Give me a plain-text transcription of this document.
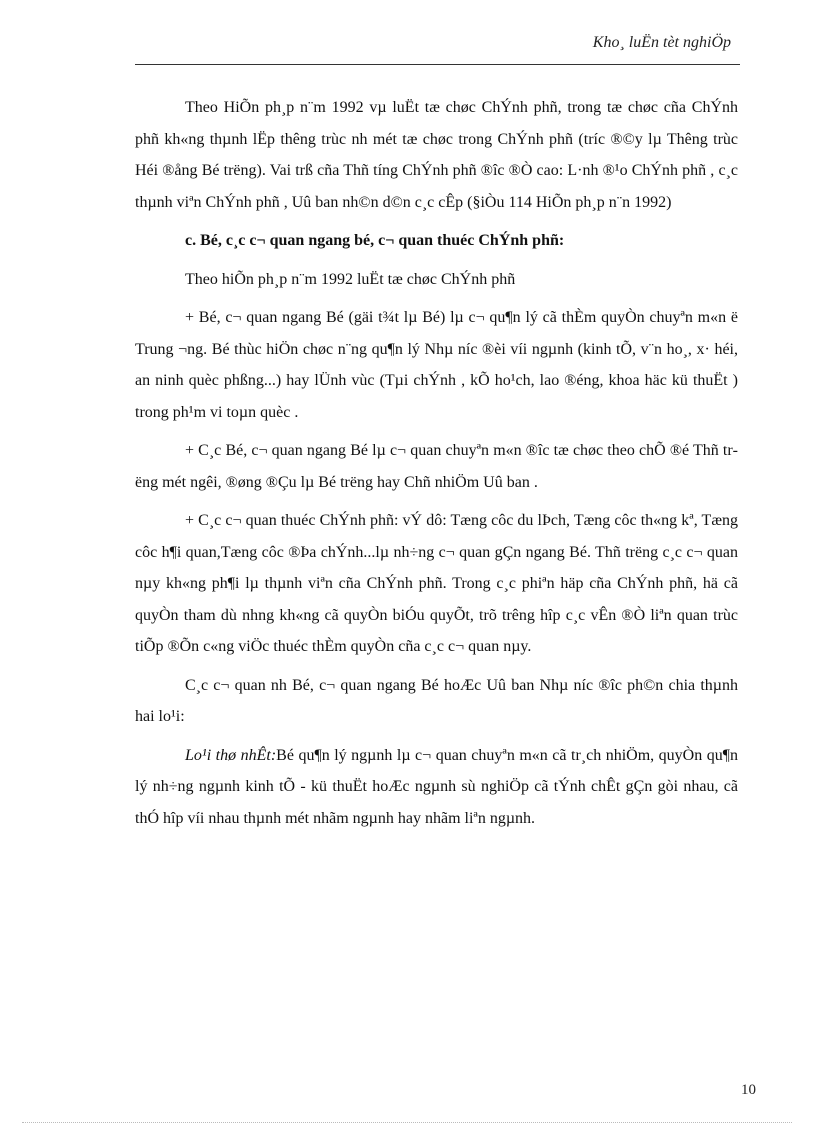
Kho¸ luËn tèt nghiÖp

Theo HiÕn ph¸p n¨m 1992 vµ luËt tæ chøc ChÝnh phñ, trong tæ chøc cña ChÝnh phñ kh«ng thµnh lËp thêng trùc nh mét tæ chøc trong ChÝnh phñ (tríc ®©y lµ Thêng trùc Héi ®ång Bé trëng). Vai trß cña Thñ tíng ChÝnh phñ ®îc ®Ò cao: L·nh ®¹o ChÝnh phñ , c¸c thµnh viªn ChÝnh phñ , Uû ban nh©n d©n c¸c cÊp (§iÒu 114 HiÕn ph¸p n¨n 1992)

c. Bé, c¸c c¬ quan ngang bé, c¬ quan thuéc ChÝnh phñ:

Theo hiÕn ph¸p n¨m 1992 luËt tæ chøc ChÝnh phñ

+ Bé, c¬ quan ngang Bé (gäi t¾t lµ Bé) lµ c¬ qu¶n lý cã thÈm quyÒn chuyªn m«n ë Trung ¬ng. Bé thùc hiÖn chøc n¨ng qu¶n lý Nhµ níc ®èi víi ngµnh (kinh tÕ, v¨n ho¸, x· héi, an ninh quèc phßng...) hay lÜnh vùc (Tµi chÝnh , kÕ ho¹ch, lao ®éng, khoa häc kü thuËt ) trong ph¹m vi toµn quèc .

+ C¸c Bé, c¬ quan ngang Bé lµ c¬ quan chuyªn m«n ®îc tæ chøc theo chÕ ®é Thñ trëng mét ngêi, ®øng ®Çu lµ Bé trëng hay Chñ nhiÖm Uû ban .

+ C¸c c¬ quan thuéc ChÝnh phñ: vÝ dô: Tæng côc du lÞch, Tæng côc th«ng kª, Tæng côc h¶i quan,Tæng côc ®Þa chÝnh...lµ nh÷ng c¬ quan gÇn ngang Bé. Thñ trëng c¸c c¬ quan nµy kh«ng ph¶i lµ thµnh viªn cña ChÝnh phñ. Trong c¸c phiªn häp cña ChÝnh phñ, hä cã quyÒn tham dù nhng kh«ng cã quyÒn biÓu quyÕt, trõ trêng hîp c¸c vÊn ®Ò liªn quan trùc tiÕp ®Õn c«ng viÖc thuéc thÈm quyÒn cña c¸c c¬ quan nµy.

C¸c c¬ quan nh Bé, c¬ quan ngang Bé hoÆc Uû ban Nhµ níc ®îc ph©n chia thµnh hai lo¹i:

Lo¹i thø nhÊt:Bé qu¶n lý ngµnh lµ c¬ quan chuyªn m«n cã tr¸ch nhiÖm, quyÒn qu¶n lý nh÷ng ngµnh kinh tÕ - kü thuËt hoÆc ngµnh sù nghiÖp cã tÝnh chÊt gÇn gòi nhau, cã thÓ hîp víi nhau thµnh mét nhãm ngµnh hay nhãm liªn ngµnh.

10
